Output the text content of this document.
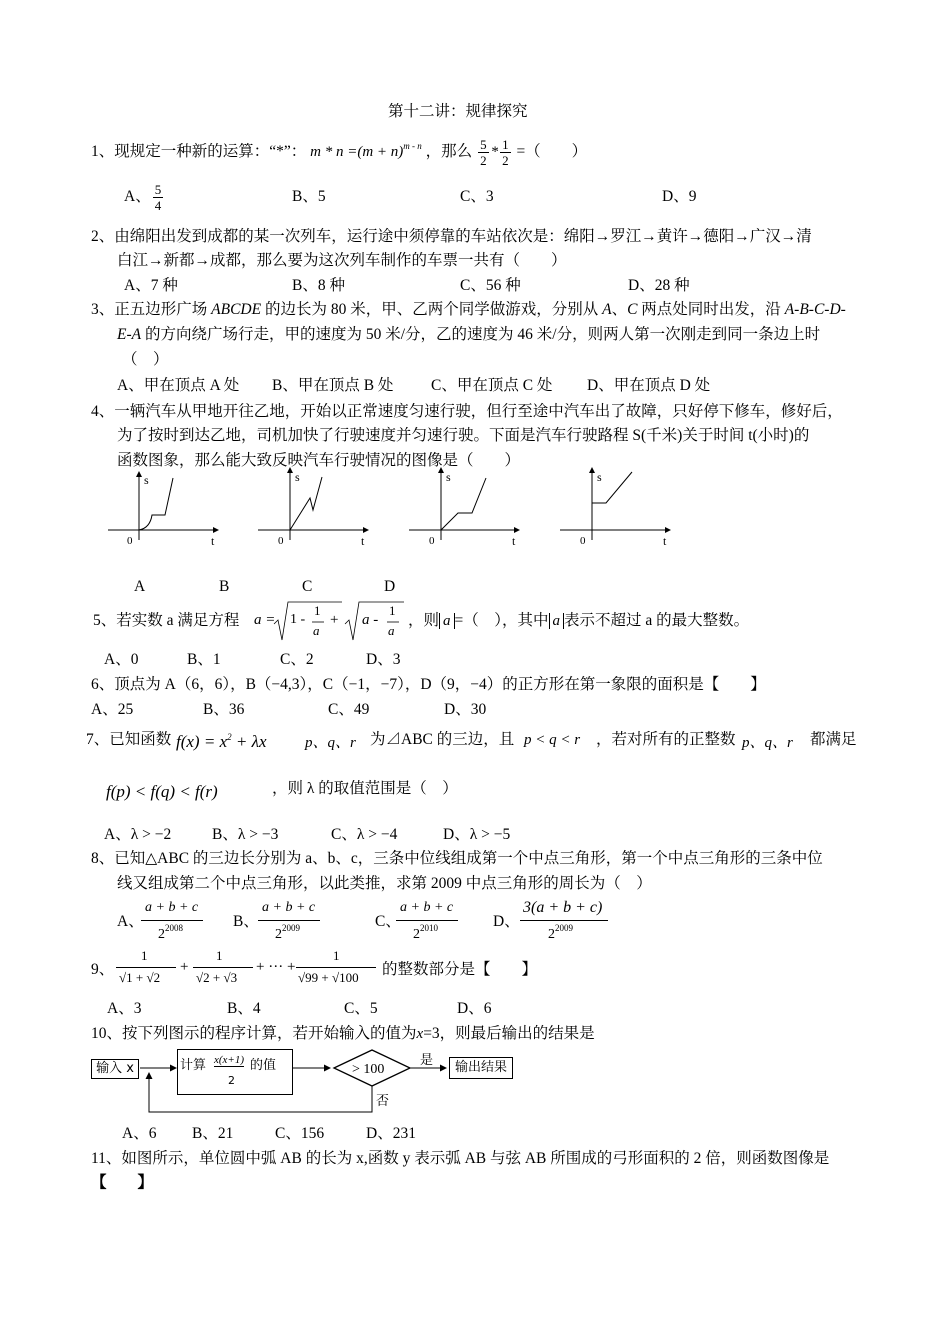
第十二讲：规律探究
1、现规定一种新的运算：“*”： $m * n =(m + n)^{m - n}$ ，那么 $\frac{5}{2} * \frac{1}{2}$ =（　　）
A、 $\frac{5}{4}$	B、5	C、3	D、9
2、由绵阳出发到成都的某一次列车，运行途中须停靠的车站依次是：绵阳→罗江→黄许→德阳→广汉→清
白江→新都→成都，那么要为这次列车制作的车票一共有（　　）
A、7 种	B、8 种	C、56 种	D、28 种
3、正五边形广场 ABCDE 的边长为 80 米，甲、乙两个同学做游戏，分别从 A、C 两点处同时出发，沿 A-B-C-D-
E-A 的方向绕广场行走，甲的速度为 50 米/分，乙的速度为 46 米/分，则两人第一次刚走到同一条边上时
（　）
A、甲在顶点 A 处 B、甲在顶点 B 处 C、甲在顶点 C 处 D、甲在顶点 D 处
4、一辆汽车从甲地开往乙地，开始以正常速度匀速行驶，但行至途中汽车出了故障，只好停下修车，修好后，
为了按时到达乙地，司机加快了行驶速度并匀速行驶。下面是汽车行驶路程 S(千米)关于时间 t(小时)的
函数图象，那么能大致反映汽车行驶情况的图像是（　　）
s
t
0
s
t
0
s
t
0
s
t
0
A	B	C	D
5、若实数 a 满足方程 a = 1 -
1
a
+ a -
1
a
，则 a =（　），其中 a 表示不超过 a 的最大整数。
A、0	B、1	C、2	D、3
6、顶点为 A（6，6），B（−4,3），C（−1，−7），D（9，−4）的正方形在第一象限的面积是【　　】
A、25	B、36	C、49	D、30
7、已知函数 $f(x) = x^2 + \lambda x$	p、q、r 为⊿ABC 的三边，且 p < q < r ，若对所有的正整数 p、q、r 都满足
f(p) < f(q) < f(r)	，则 λ 的取值范围是（　）
A、λ > −2	B、λ > −3	C、λ > −4	D、λ > −5
8、已知△ABC 的三边长分别为 a、b、c，三条中位线组成第一个中点三角形，第一个中点三角形的三条中位
线又组成第二个中点三角形，以此类推，求第 2009 中点三角形的周长为（　）
A、
a + b + c
$2^{2008}$	B、
a + b + c
$2^{2009}$	C、
a + b + c
$2^{2010}$	D、
3(a + b + c)
$2^{2009}$
9、
1
√1 + √2
+
1
√2 + √3
+ ··· +
1
√99 + √100 的整数部分是【　　】
A、3	B、4	C、5	D、6
10、按下列图示的程序计算，若开始输入的值为x=3，则最后输出的结果是
> 100
输入 x	计算 x(x+1)
2
的值	是
否
输出结果
A、6 B、21	C、156	D、231
11、如图所示，单位圆中弧 AB 的长为 x,函数 y 表示弧 AB 与弦 AB 所围成的弓形面积的 2 倍，则函数图像是
【　　】
